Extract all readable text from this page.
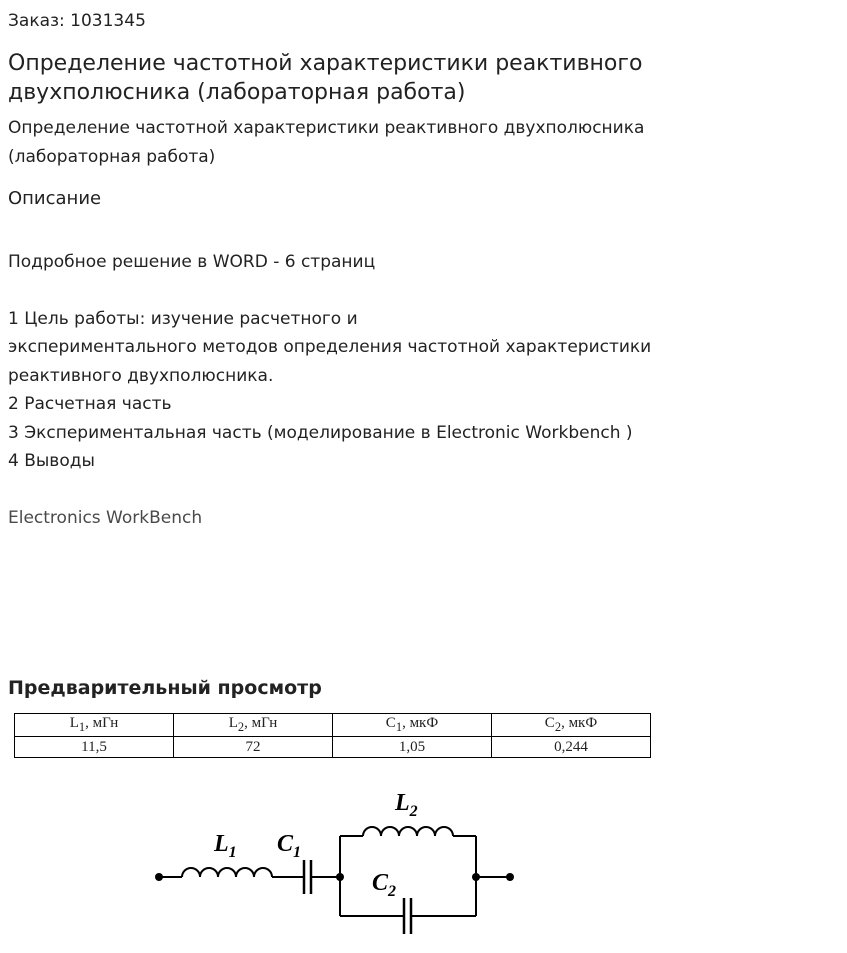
Заказ: 1031345
Определение частотной характеристики реактивного двухполюсника (лабораторная работа)
Определение частотной характеристики реактивного двухполюсника (лабораторная работа)
Описание
Подробное решение в WORD - 6 страниц
1 Цель работы: изучение расчетного и
экспериментального методов определения частотной характеристики
реактивного двухполюсника.
2 Расчетная часть
3 Экспериментальная часть (моделирование в Electronic Workbench )
4 Выводы
Electronics WorkBench
Предварительный просмотр
$L_1$, мГн	$L_2$, мГн	$C_1$, мкФ	$C_2$, мкФ
11,5	72	1,05	0,244
$L_1$ $C_1$
$L_2$
$C_2$
